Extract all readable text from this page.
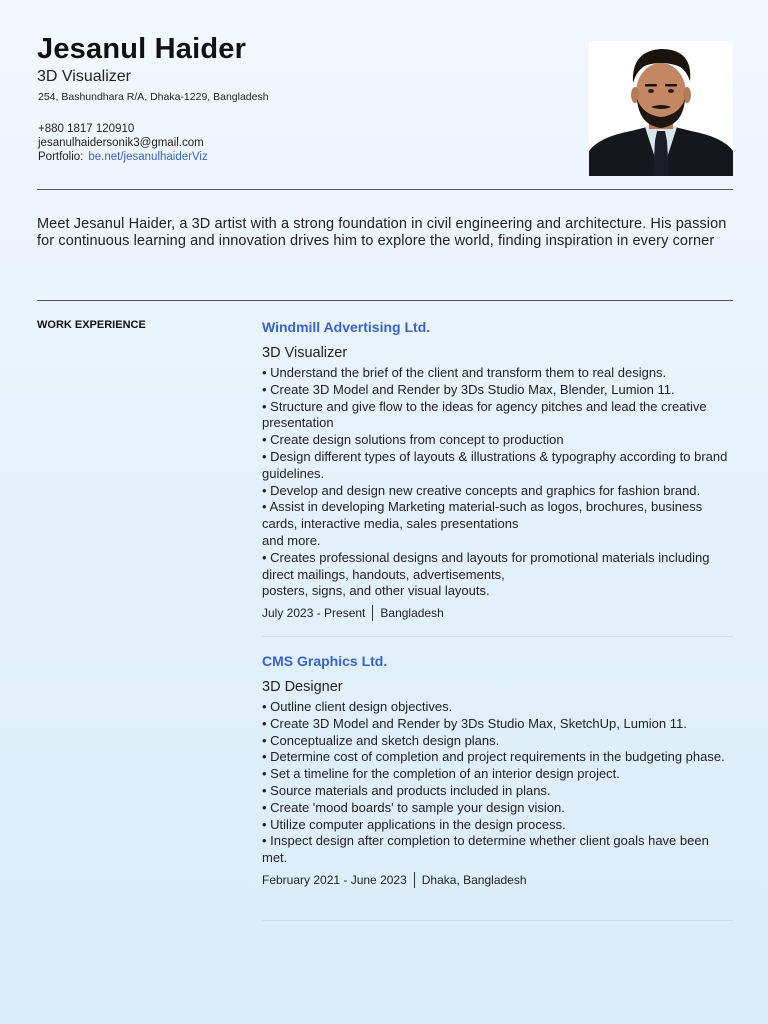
Jesanul Haider
3D Visualizer
254, Bashundhara R/A, Dhaka-1229, Bangladesh
+880 1817 120910
jesanulhaidersonik3@gmail.com
Portfolio: be.net/jesanulhaiderViz
Meet Jesanul Haider, a 3D artist with a strong foundation in civil engineering and architecture. His passion for continuous learning and innovation drives him to explore the world, finding inspiration in every corner
WORK EXPERIENCE	Windmill Advertising Ltd.
3D Visualizer
• Understand the brief of the client and transform them to real designs.
• Create 3D Model and Render by 3Ds Studio Max, Blender, Lumion 11.
• Structure and give flow to the ideas for agency pitches and lead the creative presentation
• Create design solutions from concept to production
• Design different types of layouts & illustrations & typography according to brand guidelines.
• Develop and design new creative concepts and graphics for fashion brand.
• Assist in developing Marketing material-such as logos, brochures, business cards, interactive media, sales presentations
and more.
• Creates professional designs and layouts for promotional materials including direct mailings, handouts, advertisements,
posters, signs, and other visual layouts.
July 2023 - Present Bangladesh
CMS Graphics Ltd.
3D Designer
• Outline client design objectives.
• Create 3D Model and Render by 3Ds Studio Max, SketchUp, Lumion 11.
• Conceptualize and sketch design plans.
• Determine cost of completion and project requirements in the budgeting phase.
• Set a timeline for the completion of an interior design project.
• Source materials and products included in plans.
• Create 'mood boards' to sample your design vision.
• Utilize computer applications in the design process.
• Inspect design after completion to determine whether client goals have been met.
February 2021 - June 2023 Dhaka, Bangladesh
